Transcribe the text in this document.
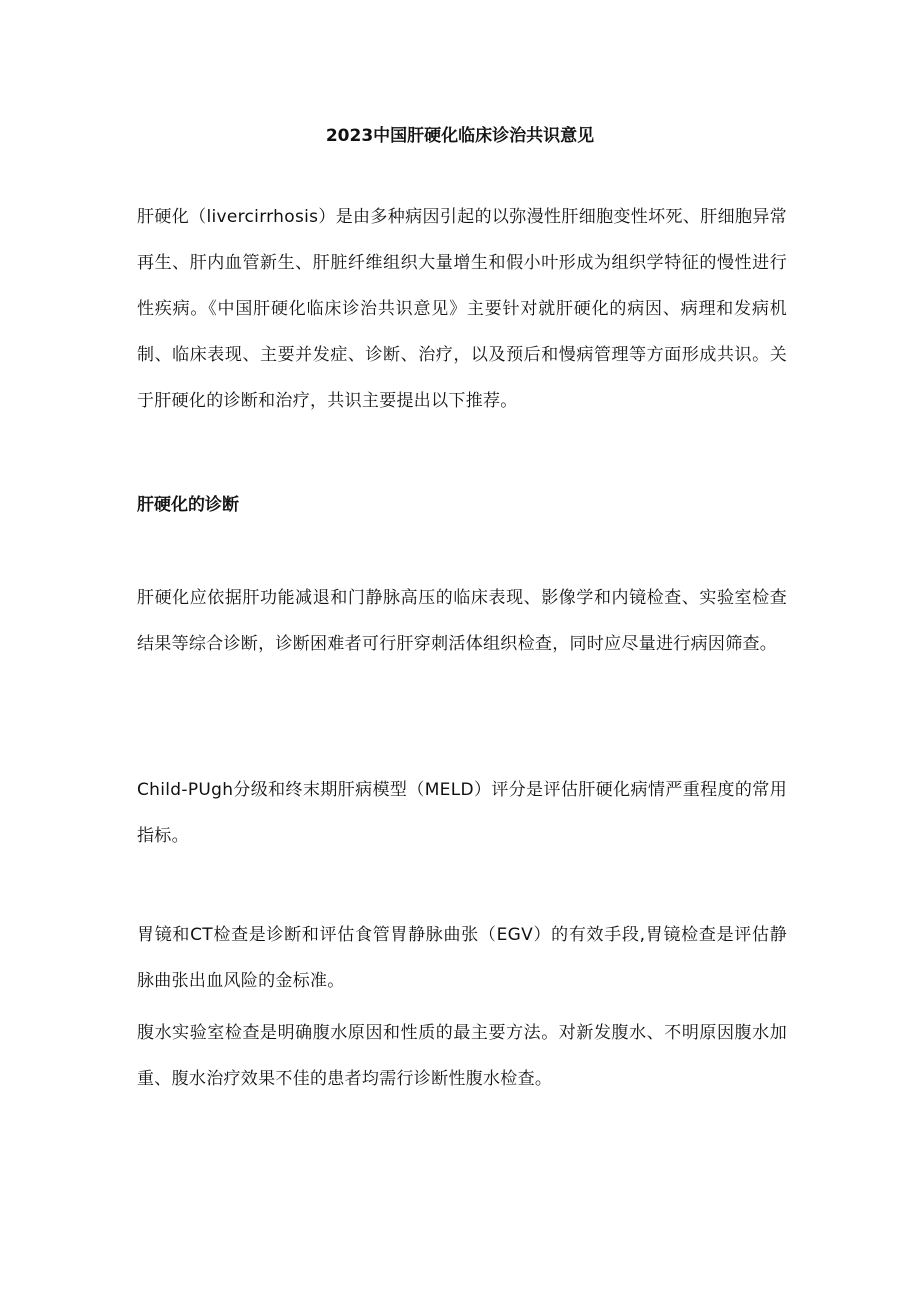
2023中国肝硬化临床诊治共识意见

肝硬化（livercirrhosis）是由多种病因引起的以弥漫性肝细胞变性坏死、肝细胞异常再生、肝内血管新生、肝脏纤维组织大量增生和假小叶形成为组织学特征的慢性进行性疾病。《中国肝硬化临床诊治共识意见》主要针对就肝硬化的病因、病理和发病机制、临床表现、主要并发症、诊断、治疗，以及预后和慢病管理等方面形成共识。关于肝硬化的诊断和治疗，共识主要提出以下推荐。

肝硬化的诊断

肝硬化应依据肝功能减退和门静脉高压的临床表现、影像学和内镜检查、实验室检查结果等综合诊断，诊断困难者可行肝穿刺活体组织检查，同时应尽量进行病因筛查。

Child-PUgh分级和终末期肝病模型（MELD）评分是评估肝硬化病情严重程度的常用指标。

胃镜和CT检查是诊断和评估食管胃静脉曲张（EGV）的有效手段,胃镜检查是评估静脉曲张出血风险的金标准。

腹水实验室检查是明确腹水原因和性质的最主要方法。对新发腹水、不明原因腹水加重、腹水治疗效果不佳的患者均需行诊断性腹水检查。
